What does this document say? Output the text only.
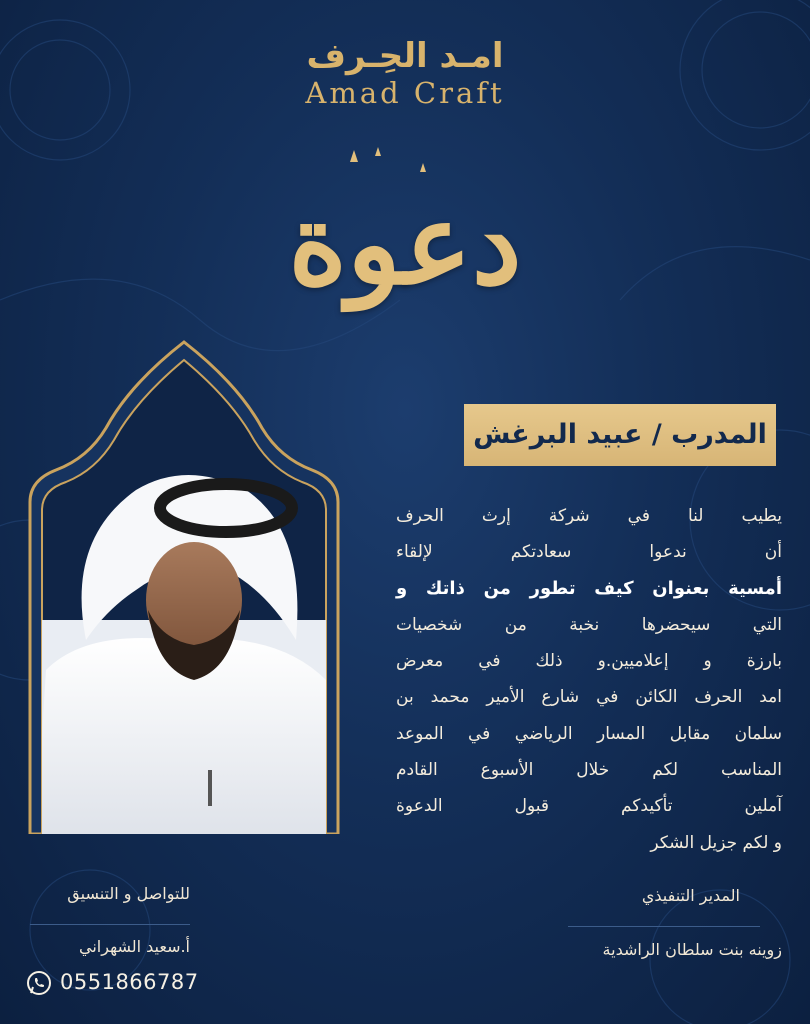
امـد الحِـرف
Amad Craft
دعوة
المدرب / عبيد البرغش
يطيب لنا في شركة إرث الحرف
أن ندعوا سعادتكم لإلقاء
أمسية بعنوان كيف تطور من ذاتك و
التي سيحضرها نخبة من شخصيات
بارزة و إعلاميين.و ذلك في معرض
امد الحرف الكائن في شارع الأمير محمد بن
سلمان مقابل المسار الرياضي في الموعد
المناسب لكم خلال الأسبوع القادم
آملين تأكيدكم قبول الدعوة
و لكم جزيل الشكر
للتواصل و التنسيق
أ.سعيد الشهراني
0551866787
المدير التنفيذي
زوينه بنت سلطان الراشدية
